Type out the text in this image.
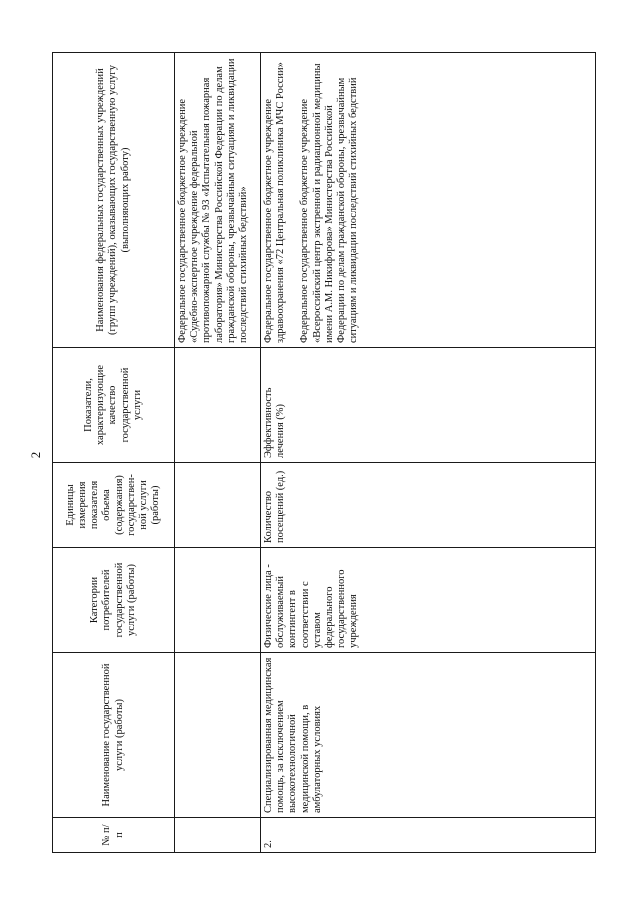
2
№ п/п	Наименование государственной услуги (работы)	Категории потребителей государственной услуги (работы)	Единицы измерения показателя объема (содержания) государствен-ной услуги (работы)	Показатели, характеризующие качество государственной услуги	Наименования федеральных государственных учреждений (групп учреждений), оказывающих государственную услугу (выполняющих работу)

					Федеральное государственное бюджетное учреждение «Судебно-экспертное учреждение федеральной противопожарной службы № 93 «Испытательная пожарная лаборатория» Министерства Российской Федерации по делам гражданской обороны, чрезвычайным ситуациям и ликвидации последствий стихийных бедствий»

2.	Специализированная медицинская помощь, за исключением высокотехнологичной медицинской помощи, в амбулаторных условиях	Физические лица - обслуживаемый контингент в соответствии с уставом федерального государственного учреждения	Количество посещений (ед.)	Эффективность лечения (%)	Федеральное государственное бюджетное учреждение здравоохранения «72 Центральная поликлиника МЧС России» Федеральное государственное бюджетное учреждение «Всероссийский центр экстренной и радиационной медицины имени А.М. Никифорова» Министерства Российской Федерации по делам гражданской обороны, чрезвычайным ситуациям и ликвидации последствий стихийных бедствий
